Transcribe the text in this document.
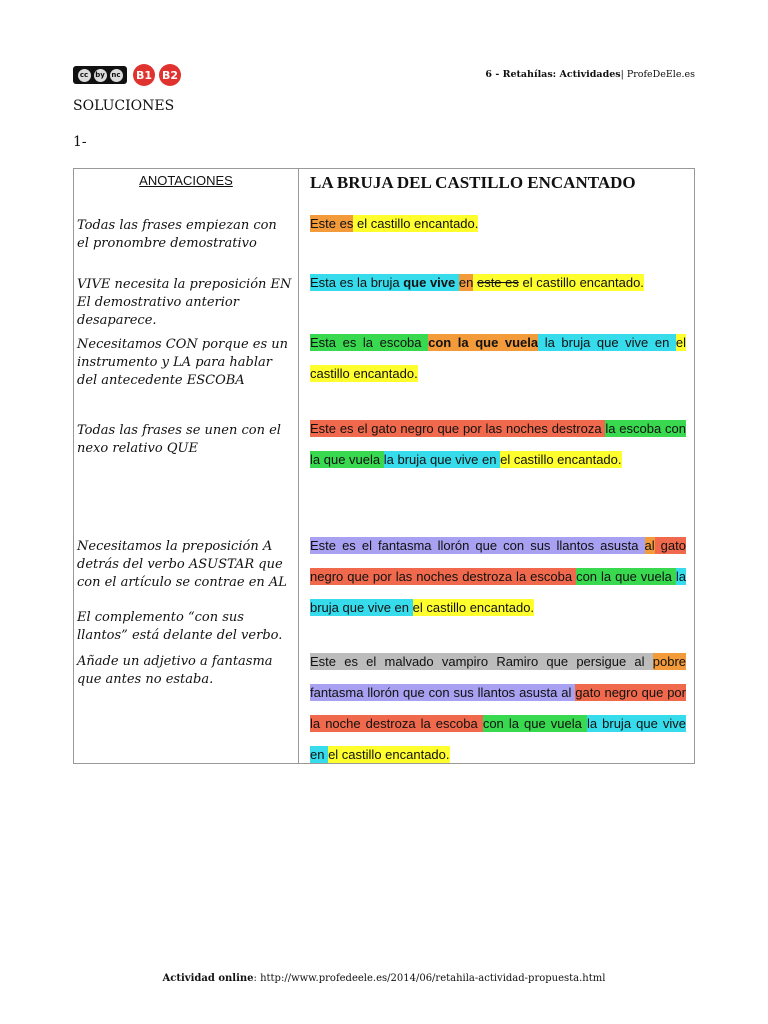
cc	by nc B1 B2	6 - Retahílas: Actividades| ProfeDeEle.es
SOLUCIONES
1-
ANOTACIONES
Todas las frases empiezan con el pronombre demostrativo
VIVE necesita la preposición EN El demostrativo anterior desaparece.
Necesitamos CON porque es un instrumento y LA para hablar del antecedente ESCOBA
Todas las frases se unen con el nexo relativo QUE
Necesitamos la preposición A detrás del verbo ASUSTAR que con el artículo se contrae en AL
El complemento “con sus llantos” está delante del verbo.
Añade un adjetivo a fantasma que antes no estaba.
LA BRUJA DEL CASTILLO ENCANTADO
Este es el castillo encantado.
Esta es la bruja que vive en este es el castillo encantado.
Esta es la escoba con la que vuela la bruja que vive en el castillo encantado.
Este es el gato negro que por las noches destroza la escoba con la que vuela la bruja que vive en el castillo encantado.
Este es el fantasma llorón que con sus llantos asusta al gato negro que por las noches destroza la escoba con la que vuela la bruja que vive en el castillo encantado.
Este es el malvado vampiro Ramiro que persigue al pobre fantasma llorón que con sus llantos asusta al gato negro que por la noche destroza la escoba con la que vuela la bruja que vive en el castillo encantado.
Actividad online: http://www.profedeele.es/2014/06/retahila-actividad-propuesta.html
